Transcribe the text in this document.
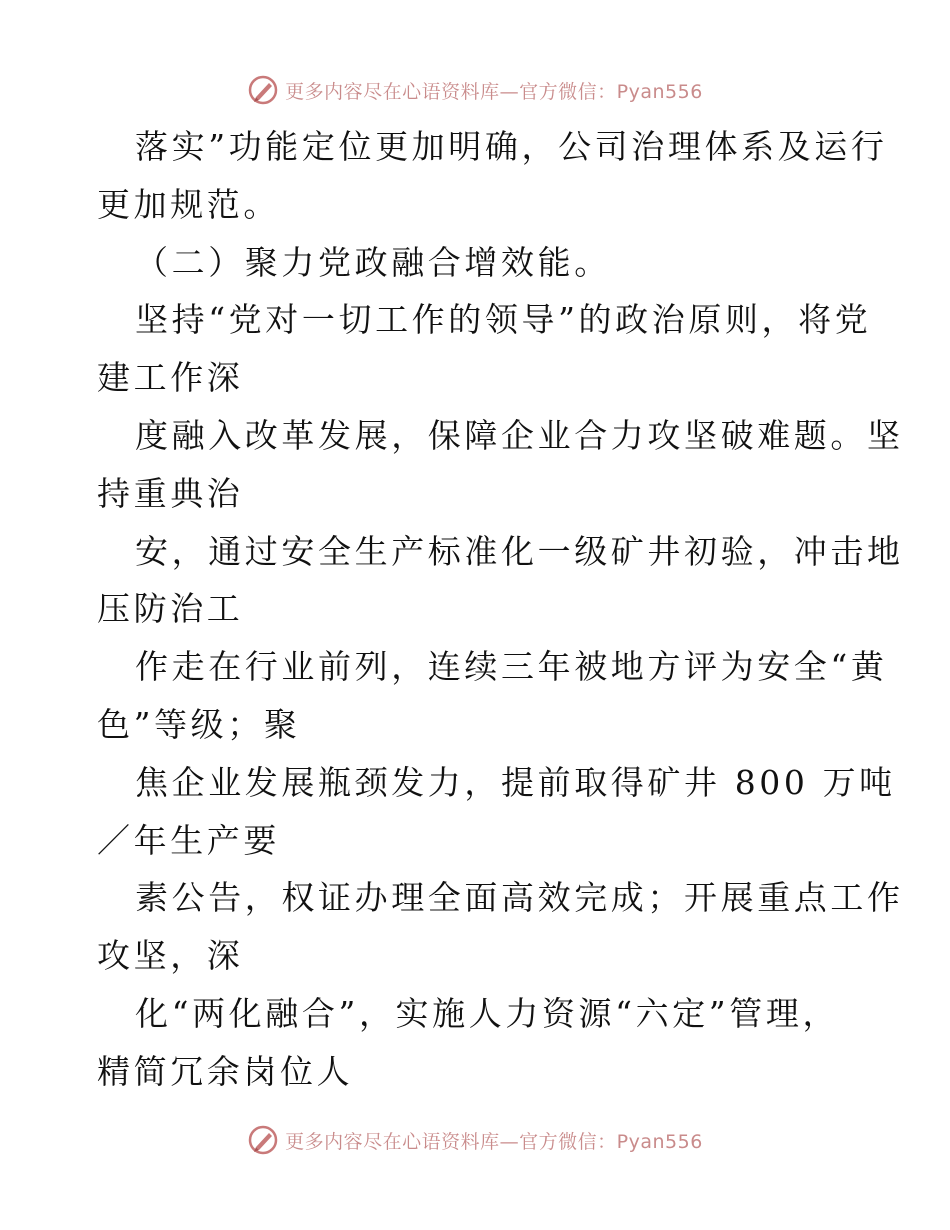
更多内容尽在心语资料库—官方微信：Pyan556
落实”功能定位更加明确，公司治理体系及运行
更加规范。
（二）聚力党政融合增效能。
坚持“党对一切工作的领导”的政治原则，将党
建工作深
度融入改革发展，保障企业合力攻坚破难题。坚
持重典治
安，通过安全生产标准化一级矿井初验，冲击地
压防治工
作走在行业前列，连续三年被地方评为安全“黄
色”等级；聚
焦企业发展瓶颈发力，提前取得矿井 800 万吨
／年生产要
素公告，权证办理全面高效完成；开展重点工作
攻坚，深
化“两化融合”，实施人力资源“六定”管理，
精简冗余岗位人
更多内容尽在心语资料库—官方微信：Pyan556
